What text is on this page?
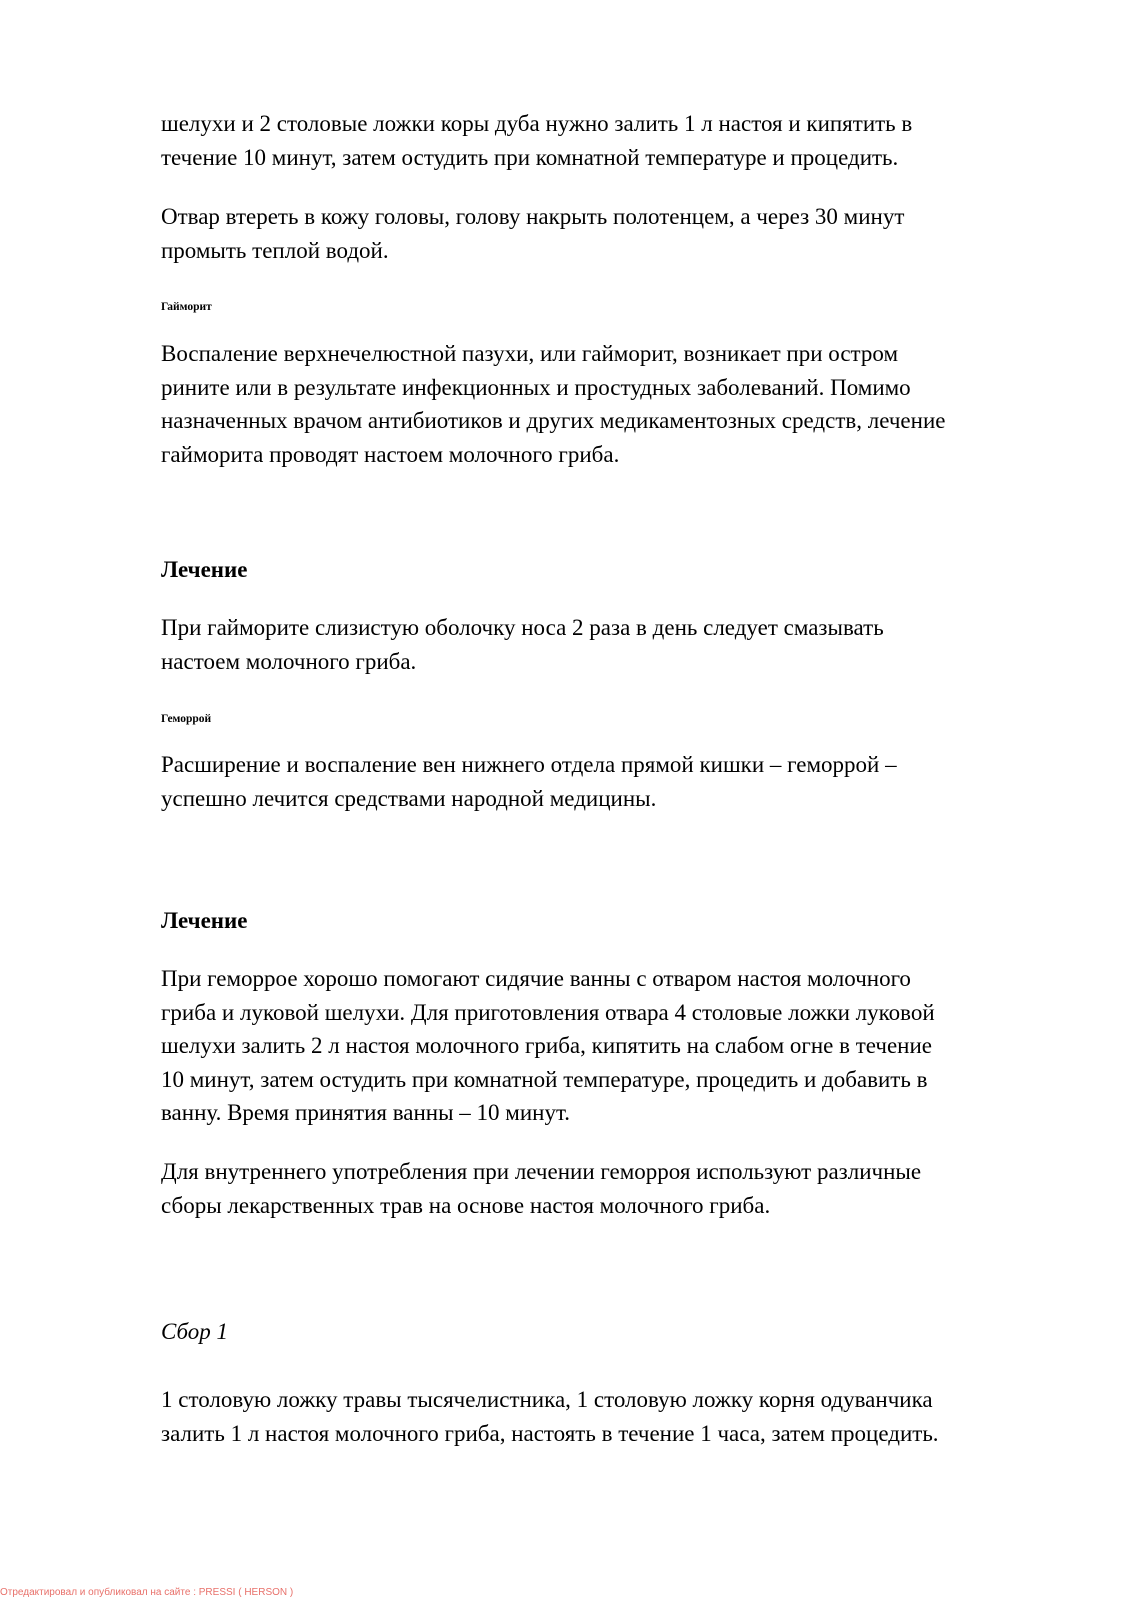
шелухи и 2 столовые ложки коры дуба нужно залить 1 л настоя и кипятить в
течение 10 минут, затем остудить при комнатной температуре и процедить.

Отвар втереть в кожу головы, голову накрыть полотенцем, а через 30 минут
промыть теплой водой.

Гайморит

Воспаление верхнечелюстной пазухи, или гайморит, возникает при остром
рините или в результате инфекционных и простудных заболеваний. Помимо
назначенных врачом антибиотиков и других медикаментозных средств, лечение
гайморита проводят настоем молочного гриба.

Лечение

При гайморите слизистую оболочку носа 2 раза в день следует смазывать
настоем молочного гриба.

Геморрой

Расширение и воспаление вен нижнего отдела прямой кишки – геморрой –
успешно лечится средствами народной медицины.

Лечение

При геморрое хорошо помогают сидячие ванны с отваром настоя молочного
гриба и луковой шелухи. Для приготовления отвара 4 столовые ложки луковой
шелухи залить 2 л настоя молочного гриба, кипятить на слабом огне в течение
10 минут, затем остудить при комнатной температуре, процедить и добавить в
ванну. Время принятия ванны – 10 минут.

Для внутреннего употребления при лечении геморроя используют различные
сборы лекарственных трав на основе настоя молочного гриба.

Сбор 1

1 столовую ложку травы тысячелистника, 1 столовую ложку корня одуванчика
залить 1 л настоя молочного гриба, настоять в течение 1 часа, затем процедить.

Отредактировал и опубликовал на сайте : PRESSI ( HERSON )
